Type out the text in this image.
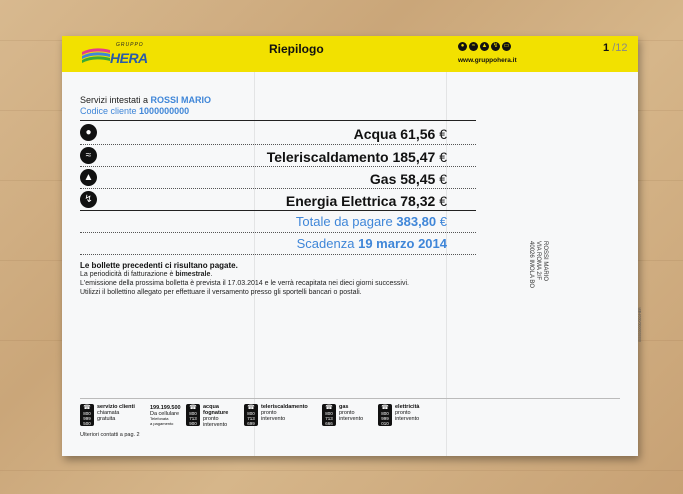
GRUPPO
HERA
Riepilogo	●	≈	▲ ↯ ▭
www.gruppohera.it
1 /12
Servizi intestati a ROSSI MARIO
Codice cliente 1000000000
●	Acqua 61,56 €
≈	Teleriscaldamento 185,47 €
▲	Gas 58,45 €
↯	Energia Elettrica 78,32 €
Totale da pagare 383,80 €
Scadenza 19 marzo 2014
Le bollette precedenti ci risultano pagate.
La periodicità di fatturazione è bimestrale.
L'emissione della prossima bolletta è prevista il 17.03.2014 e le verrà recapitata nei dieci giorni successivi.
Utilizzi il bollettino allegato per effettuare il versamento presso gli sportelli bancari o postali.
ROSSI MARIO
VIA ROMA 2/F
40026 IMOLA BO
0000000000/000/HER
☎
800
999
500
servizio clienti
chiamata
gratuita
199.199.500
Da cellulare
Telefonata
a pagamento
☎
800
713
900
acqua
fognature
pronto
intervento
☎
800
713
699
teleriscaldamento
pronto
intervento
☎
800
713
666
gas
pronto
intervento
☎
800
999
010
elettricità
pronto
intervento
Ulteriori contatti a pag. 2
